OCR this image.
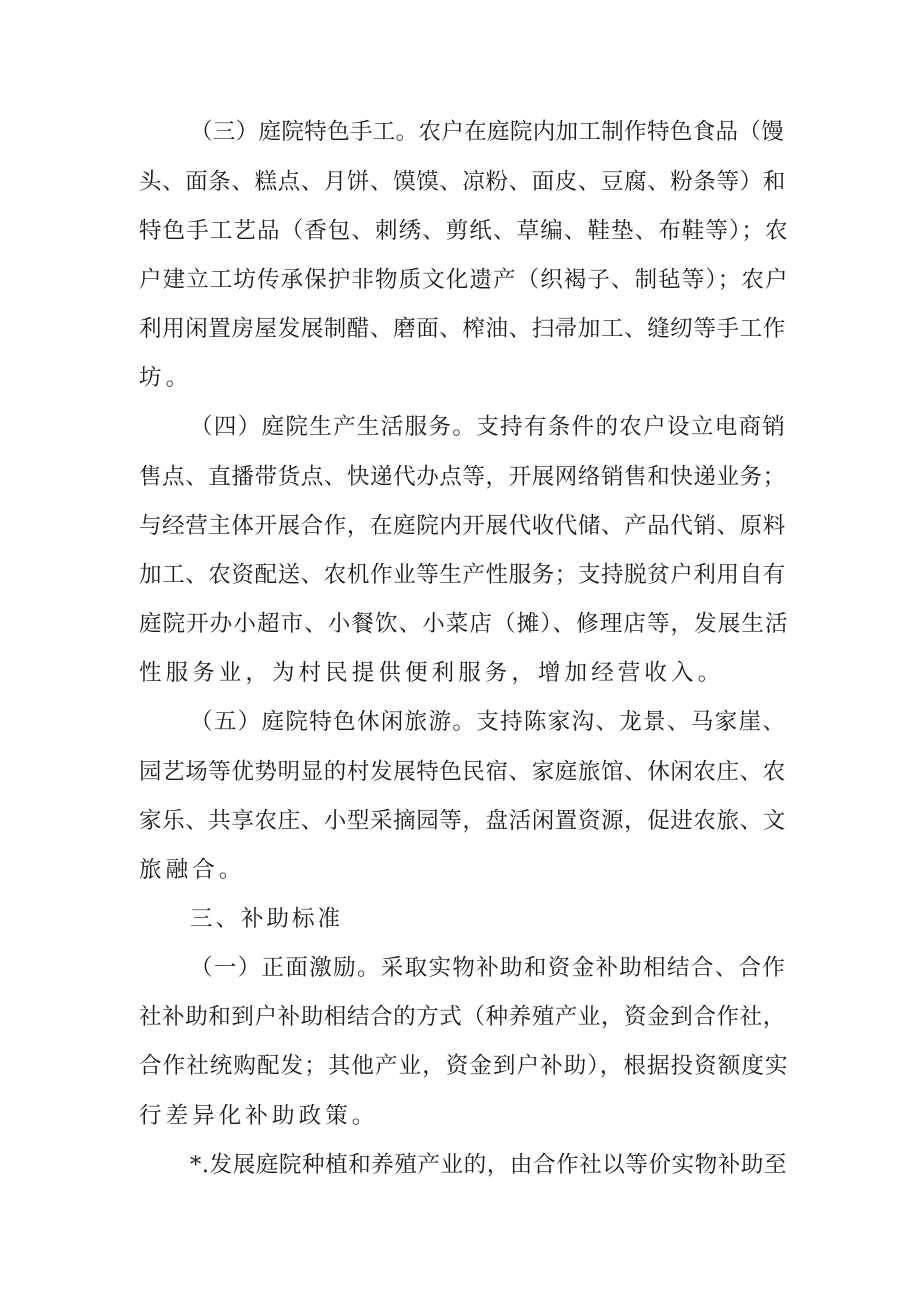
（三）庭院特色手工。农户在庭院内加工制作特色食品（馒
头、面条、糕点、月饼、馍馍、凉粉、面皮、豆腐、粉条等）和
特色手工艺品（香包、刺绣、剪纸、草编、鞋垫、布鞋等）；农
户建立工坊传承保护非物质文化遗产（织褐子、制毡等）；农户
利用闲置房屋发展制醋、磨面、榨油、扫帚加工、缝纫等手工作
坊。
（四）庭院生产生活服务。支持有条件的农户设立电商销
售点、直播带货点、快递代办点等，开展网络销售和快递业务；
与经营主体开展合作，在庭院内开展代收代储、产品代销、原料
加工、农资配送、农机作业等生产性服务；支持脱贫户利用自有
庭院开办小超市、小餐饮、小菜店（摊）、修理店等，发展生活
性服务业，为村民提供便利服务，增加经营收入。
（五）庭院特色休闲旅游。支持陈家沟、龙景、马家崖、
园艺场等优势明显的村发展特色民宿、家庭旅馆、休闲农庄、农
家乐、共享农庄、小型采摘园等，盘活闲置资源，促进农旅、文
旅融合。
三、补助标准
（一）正面激励。采取实物补助和资金补助相结合、合作
社补助和到户补助相结合的方式（种养殖产业，资金到合作社，
合作社统购配发；其他产业，资金到户补助），根据投资额度实
行差异化补助政策。
*.发展庭院种植和养殖产业的，由合作社以等价实物补助至
